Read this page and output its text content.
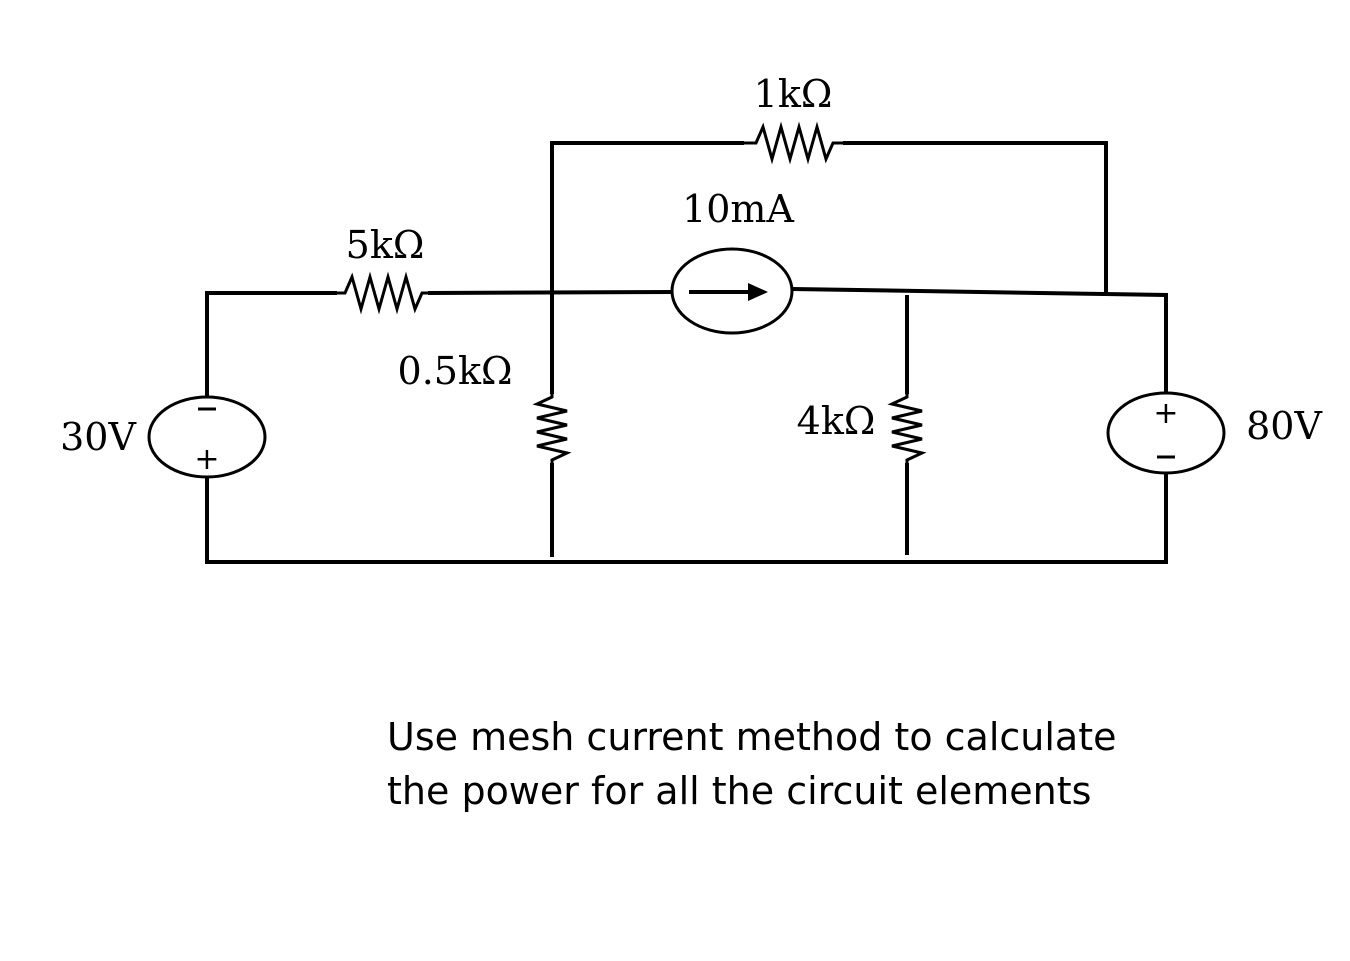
1kΩ
5kΩ
0.5kΩ
4kΩ
10mA
+
30V
+ 80V
Use mesh current method to calculate
the power for all the circuit elements
